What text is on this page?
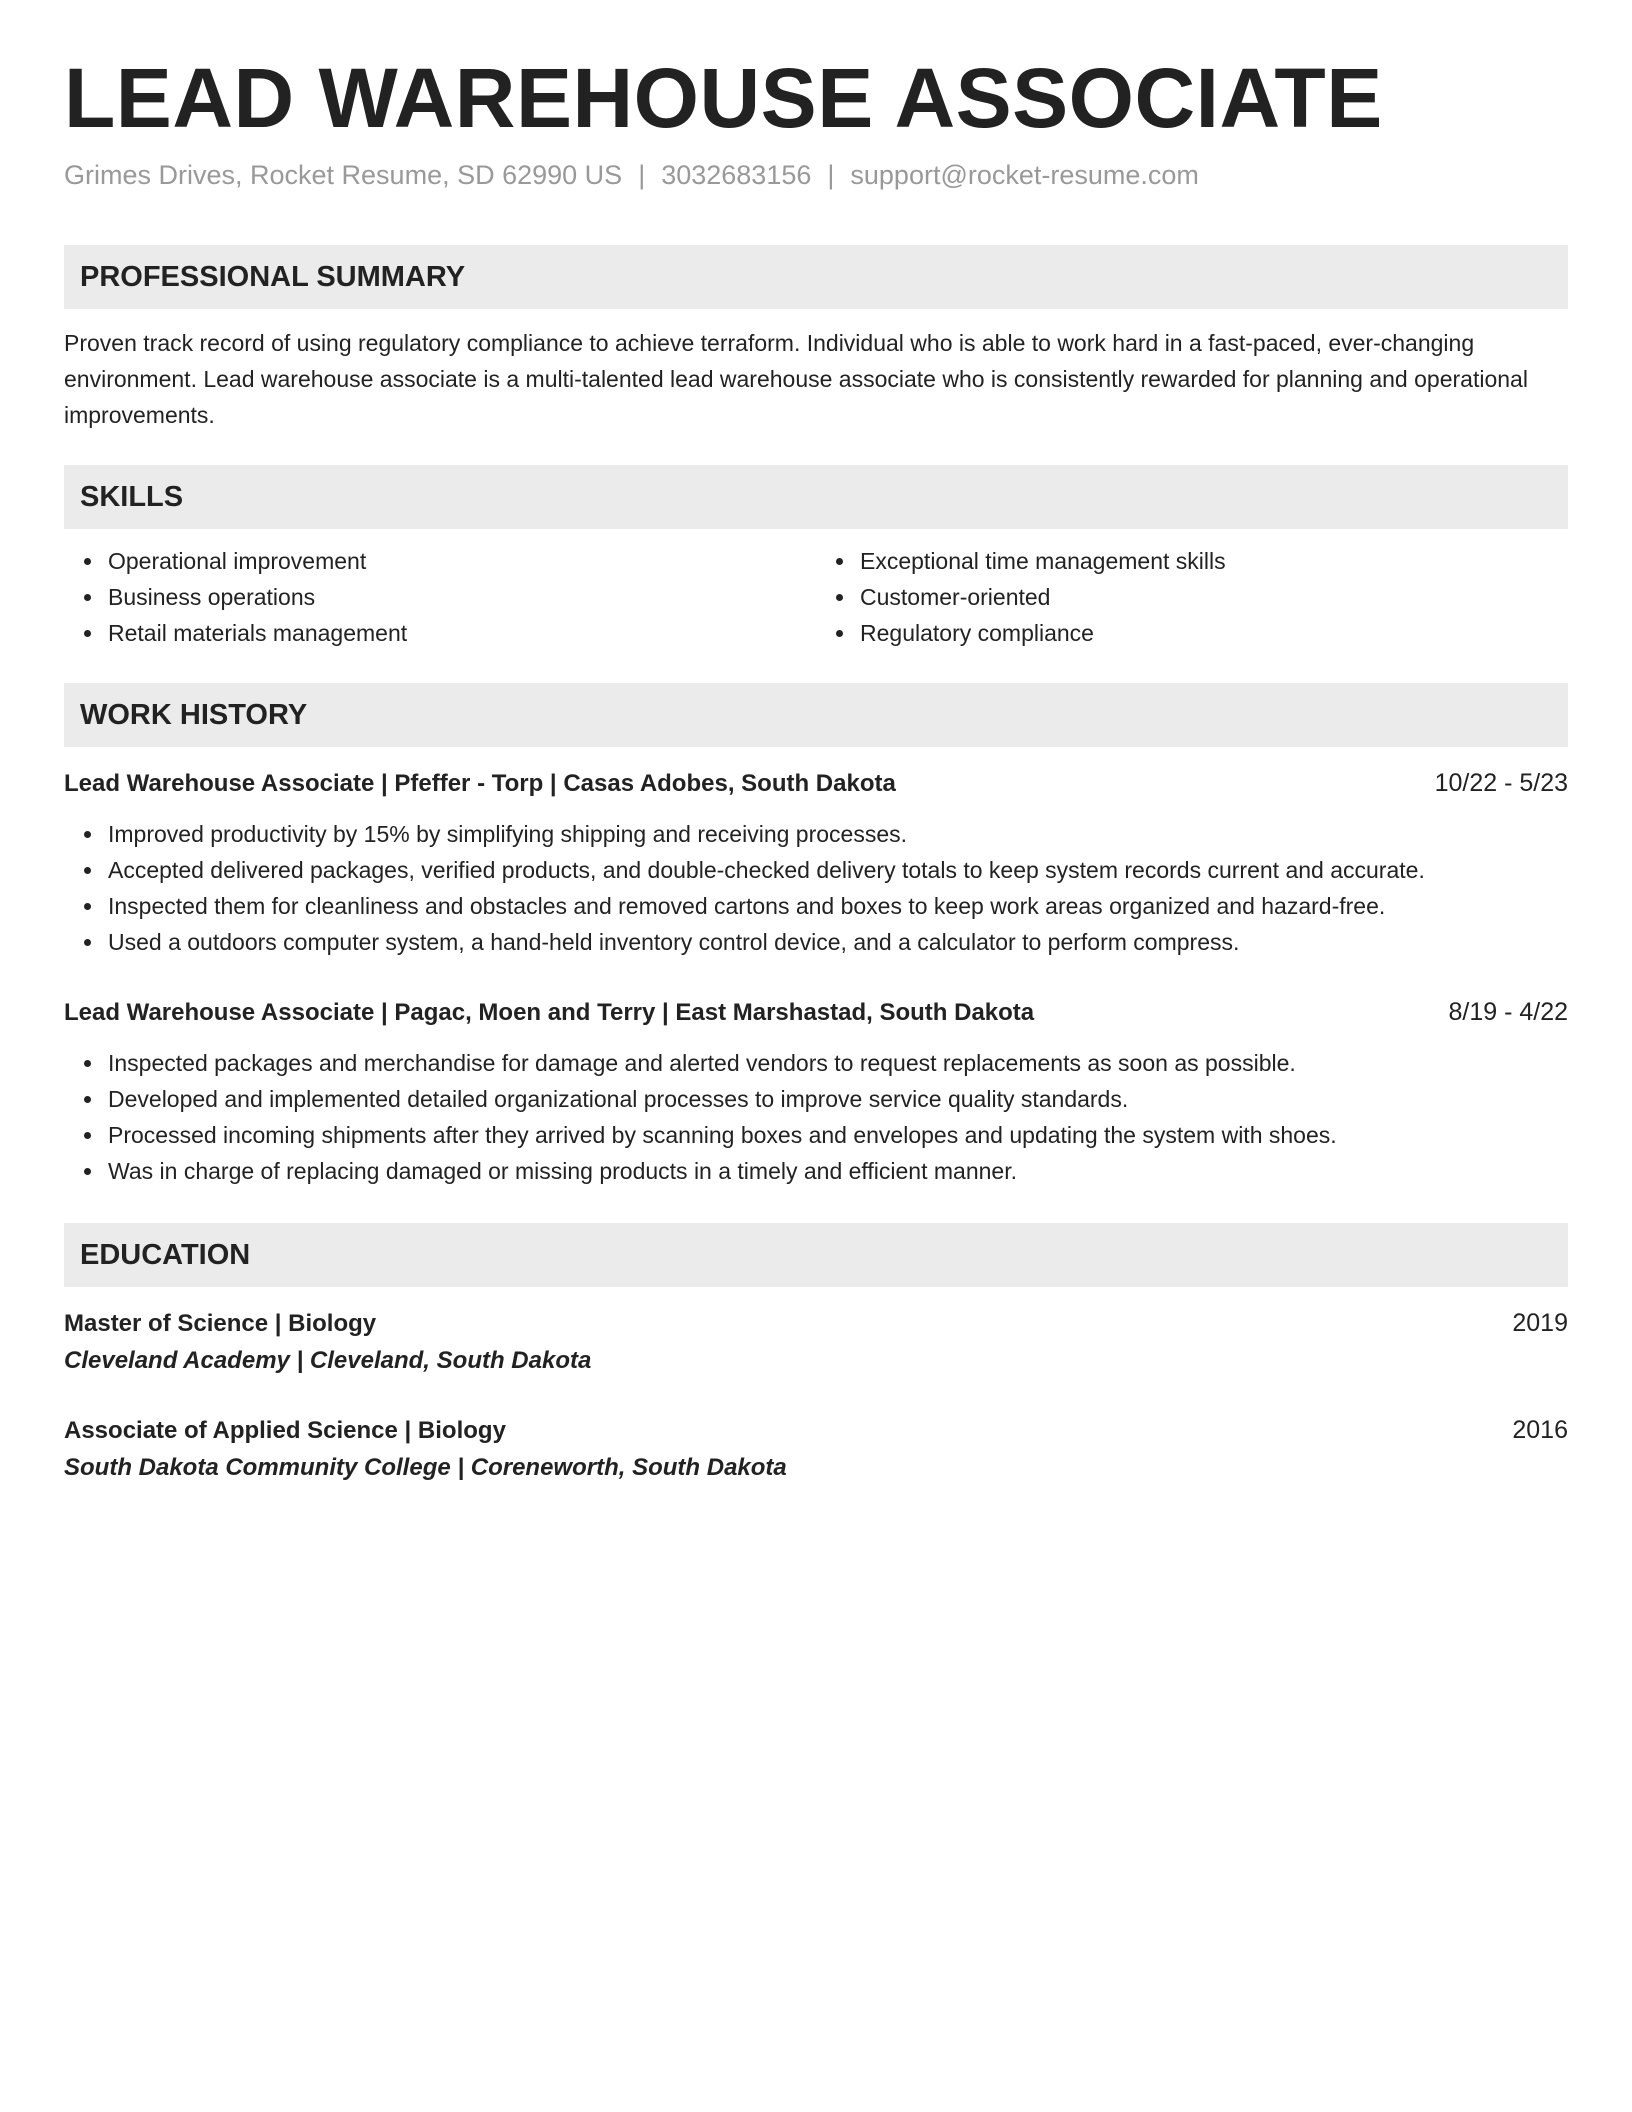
LEAD WAREHOUSE ASSOCIATE
Grimes Drives, Rocket Resume, SD 62990 US | 3032683156 | support@rocket-resume.com
PROFESSIONAL SUMMARY

Proven track record of using regulatory compliance to achieve terraform. Individual who is able to work hard in a fast-paced, ever-changing environment. Lead warehouse associate is a multi-talented lead warehouse associate who is consistently rewarded for planning and operational improvements.

SKILLS
Operational improvement
Business operations
Retail materials management
Exceptional time management skills
Customer-oriented
Regulatory compliance
WORK HISTORY
Lead Warehouse Associate | Pfeffer - Torp | Casas Adobes, South Dakota	10/22 - 5/23
Improved productivity by 15% by simplifying shipping and receiving processes.
Accepted delivered packages, verified products, and double-checked delivery totals to keep system records current and accurate.
Inspected them for cleanliness and obstacles and removed cartons and boxes to keep work areas organized and hazard-free.
Used a outdoors computer system, a hand-held inventory control device, and a calculator to perform compress.
Lead Warehouse Associate | Pagac, Moen and Terry | East Marshastad, South Dakota	8/19 - 4/22
Inspected packages and merchandise for damage and alerted vendors to request replacements as soon as possible.
Developed and implemented detailed organizational processes to improve service quality standards.
Processed incoming shipments after they arrived by scanning boxes and envelopes and updating the system with shoes.
Was in charge of replacing damaged or missing products in a timely and efficient manner.
EDUCATION
Master of Science | Biology	2019
Cleveland Academy | Cleveland, South Dakota
Associate of Applied Science | Biology	2016
South Dakota Community College | Coreneworth, South Dakota
